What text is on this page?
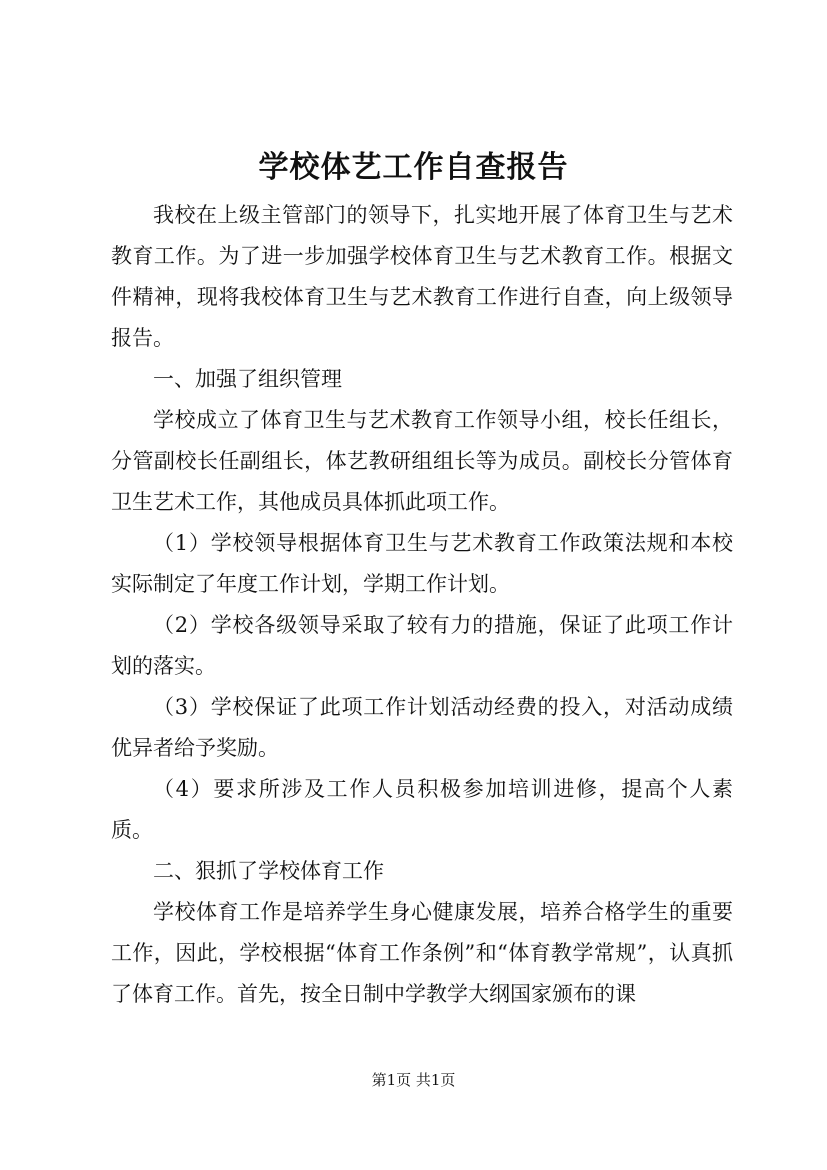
学校体艺工作自查报告

我校在上级主管部门的领导下，扎实地开展了体育卫生与艺术教育工作。为了进一步加强学校体育卫生与艺术教育工作。根据文件精神，现将我校体育卫生与艺术教育工作进行自查，向上级领导报告。

一、加强了组织管理

学校成立了体育卫生与艺术教育工作领导小组，校长任组长，分管副校长任副组长，体艺教研组组长等为成员。副校长分管体育卫生艺术工作，其他成员具体抓此项工作。

（1）学校领导根据体育卫生与艺术教育工作政策法规和本校实际制定了年度工作计划，学期工作计划。

（2）学校各级领导采取了较有力的措施，保证了此项工作计划的落实。

（3）学校保证了此项工作计划活动经费的投入，对活动成绩优异者给予奖励。

（4）要求所涉及工作人员积极参加培训进修，提高个人素质。

二、狠抓了学校体育工作

学校体育工作是培养学生身心健康发展，培养合格学生的重要工作，因此，学校根据“体育工作条例”和“体育教学常规”，认真抓了体育工作。首先，按全日制中学教学大纲国家颁布的课

第1页 共1页
